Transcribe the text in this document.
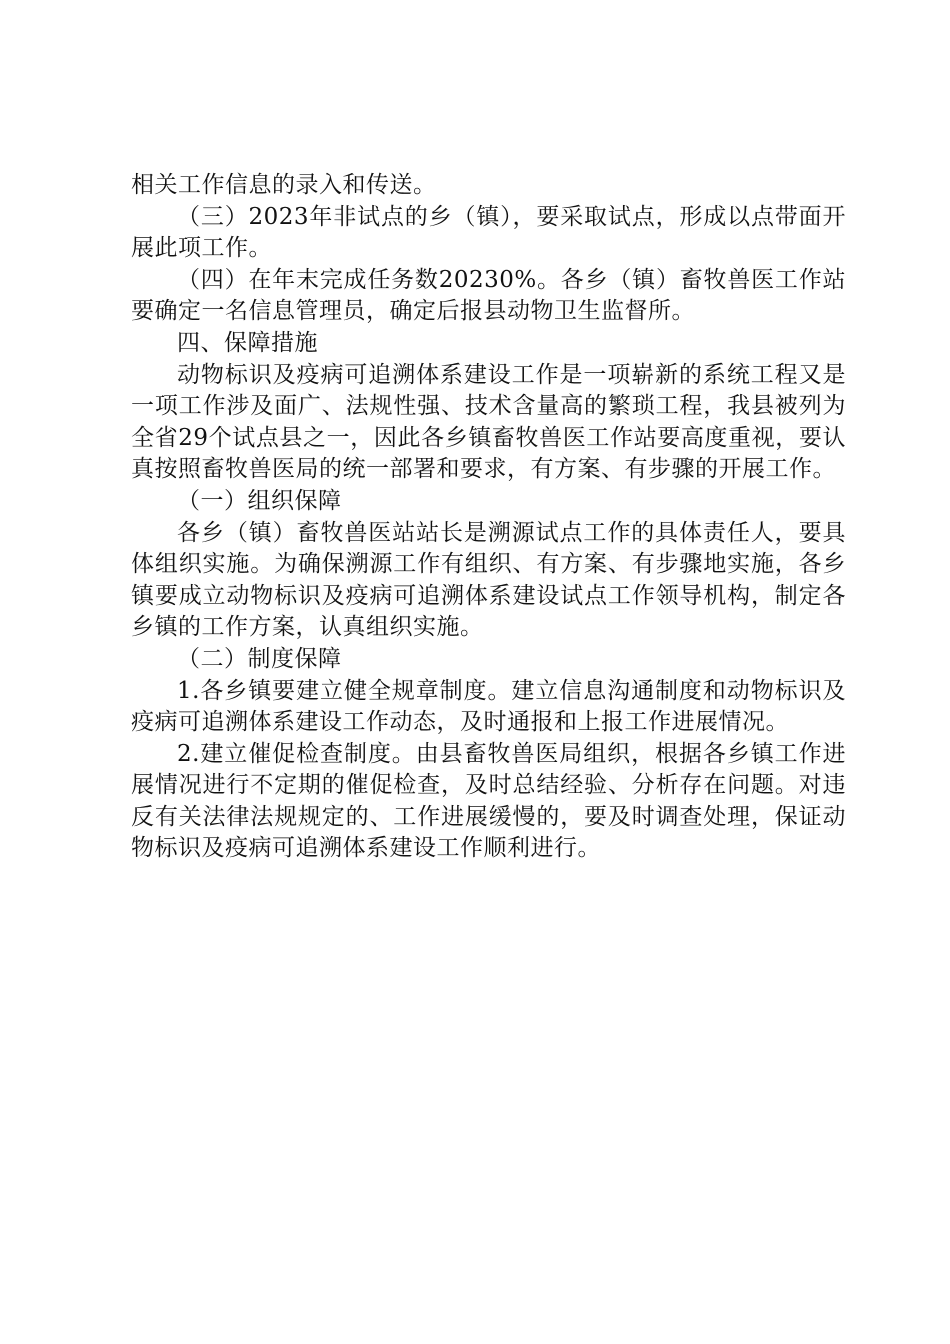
相关工作信息的录入和传送。

（三）2023年非试点的乡（镇），要采取试点，形成以点带面开展此项工作。

（四）在年末完成任务数20230%。各乡（镇）畜牧兽医工作站要确定一名信息管理员，确定后报县动物卫生监督所。

四、保障措施

动物标识及疫病可追溯体系建设工作是一项崭新的系统工程又是一项工作涉及面广、法规性强、技术含量高的繁琐工程，我县被列为全省29个试点县之一，因此各乡镇畜牧兽医工作站要高度重视，要认真按照畜牧兽医局的统一部署和要求，有方案、有步骤的开展工作。

（一）组织保障

各乡（镇）畜牧兽医站站长是溯源试点工作的具体责任人，要具体组织实施。为确保溯源工作有组织、有方案、有步骤地实施，各乡镇要成立动物标识及疫病可追溯体系建设试点工作领导机构，制定各乡镇的工作方案，认真组织实施。

（二）制度保障

1.各乡镇要建立健全规章制度。建立信息沟通制度和动物标识及疫病可追溯体系建设工作动态，及时通报和上报工作进展情况。

2.建立催促检查制度。由县畜牧兽医局组织，根据各乡镇工作进展情况进行不定期的催促检查，及时总结经验、分析存在问题。对违反有关法律法规规定的、工作进展缓慢的，要及时调查处理，保证动物标识及疫病可追溯体系建设工作顺利进行。
